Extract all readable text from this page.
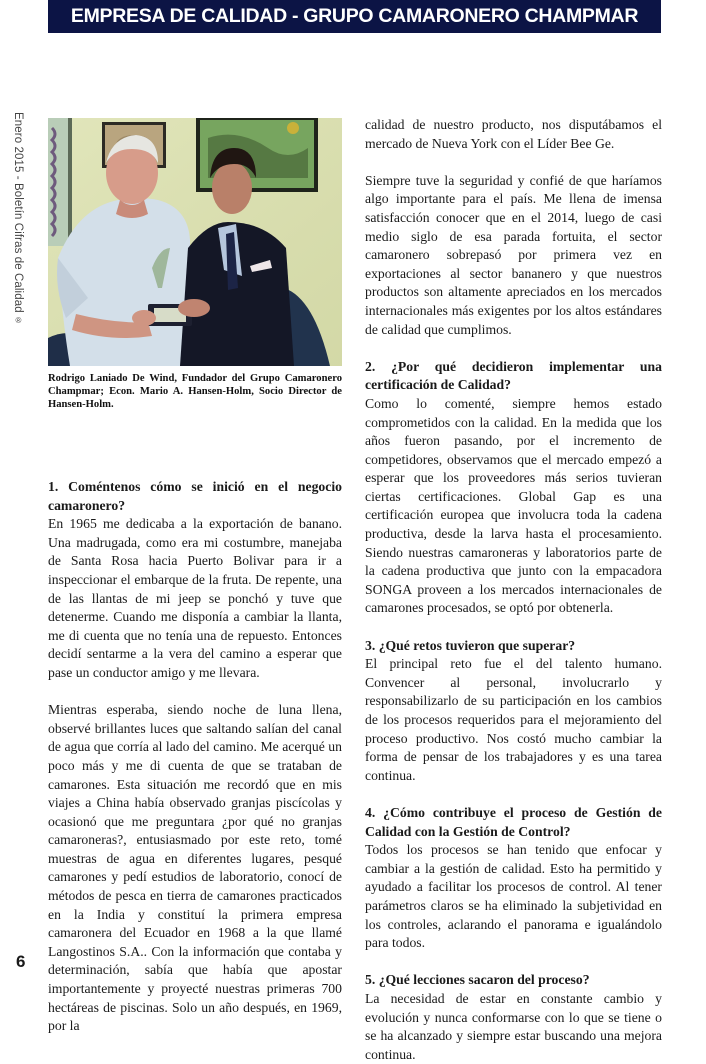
EMPRESA DE CALIDAD - GRUPO CAMARONERO CHAMPMAR
Enero 2015 - Boletín Cifras de Calidad ®
Rodrigo Laniado De Wind, Fundador del Grupo Camaronero Champmar; Econ. Mario A. Hansen-Holm, Socio Director de Hansen-Holm.
1. Coméntenos cómo se inició en el negocio camaronero?

En 1965 me dedicaba a la exportación de banano. Una madrugada, como era mi costumbre, manejaba de Santa Rosa hacia Puerto Bolivar para ir a inspeccionar el embarque de la fruta. De repente, una de las llantas de mi jeep se ponchó y tuve que detenerme. Cuando me disponía a cambiar la llanta, me di cuenta que no tenía una de repuesto. Entonces decidí sentarme a la vera del camino a esperar que pase un conductor amigo y me llevara.

Mientras esperaba, siendo noche de luna llena, observé brillantes luces que saltando salían del canal de agua que corría al lado del camino. Me acerqué un poco más y me di cuenta de que se trataban de camarones. Esta situación me recordó que en mis viajes a China había observado granjas piscícolas y ocasionó que me preguntara ¿por qué no granjas camaroneras?, entusiasmado por este reto, tomé muestras de agua en diferentes lugares, pesqué camarones y pedí estudios de laboratorio, conocí de métodos de pesca en tierra de camarones practicados en la India y constituí la primera empresa camaronera del Ecuador en 1968 a la que llamé Langostinos S.A.. Con la información que contaba y determinación, sabía que había que apostar importantemente y proyecté nuestras primeras 700 hectáreas de piscinas. Solo un año después, en 1969, por la

calidad de nuestro producto, nos disputábamos el mercado de Nueva York con el Líder Bee Ge.

Siempre tuve la seguridad y confié de que haríamos algo importante para el país. Me llena de imensa satisfacción conocer que en el 2014, luego de casi medio siglo de esa parada fortuita, el sector camaronero sobrepasó por primera vez en exportaciones al sector bananero y que nuestros productos son altamente apreciados en los mercados internacionales más exigentes por los altos estándares de calidad que cumplimos.

2. ¿Por qué decidieron implementar una certificación de Calidad?

Como lo comenté, siempre hemos estado comprometidos con la calidad. En la medida que los años fueron pasando, por el incremento de competidores, observamos que el mercado empezó a esperar que los proveedores más serios tuvieran ciertas certificaciones. Global Gap es una certificación europea que involucra toda la cadena productiva, desde la larva hasta el procesamiento. Siendo nuestras camaroneras y laboratorios parte de la cadena productiva que junto con la empacadora SONGA proveen a los mercados internacionales de camarones procesados, se optó por obtenerla.

3. ¿Qué retos tuvieron que superar?

El principal reto fue el del talento humano. Convencer al personal, involucrarlo y responsabilizarlo de su participación en los cambios de los procesos requeridos para el mejoramiento del proceso productivo. Nos costó mucho cambiar la forma de pensar de los trabajadores y es una tarea continua.

4. ¿Cómo contribuye el proceso de Gestión de Calidad con la Gestión de Control?

Todos los procesos se han tenido que enfocar y cambiar a la gestión de calidad. Esto ha permitido y ayudado a facilitar los procesos de control. Al tener parámetros claros se ha eliminado la subjetividad en los controles, aclarando el panorama e igualándolo para todos.

5. ¿Qué lecciones sacaron del proceso?

La necesidad de estar en constante cambio y evolución y nunca conformarse con lo que se tiene o se ha alcanzado y siempre estar buscando una mejora continua.

6
